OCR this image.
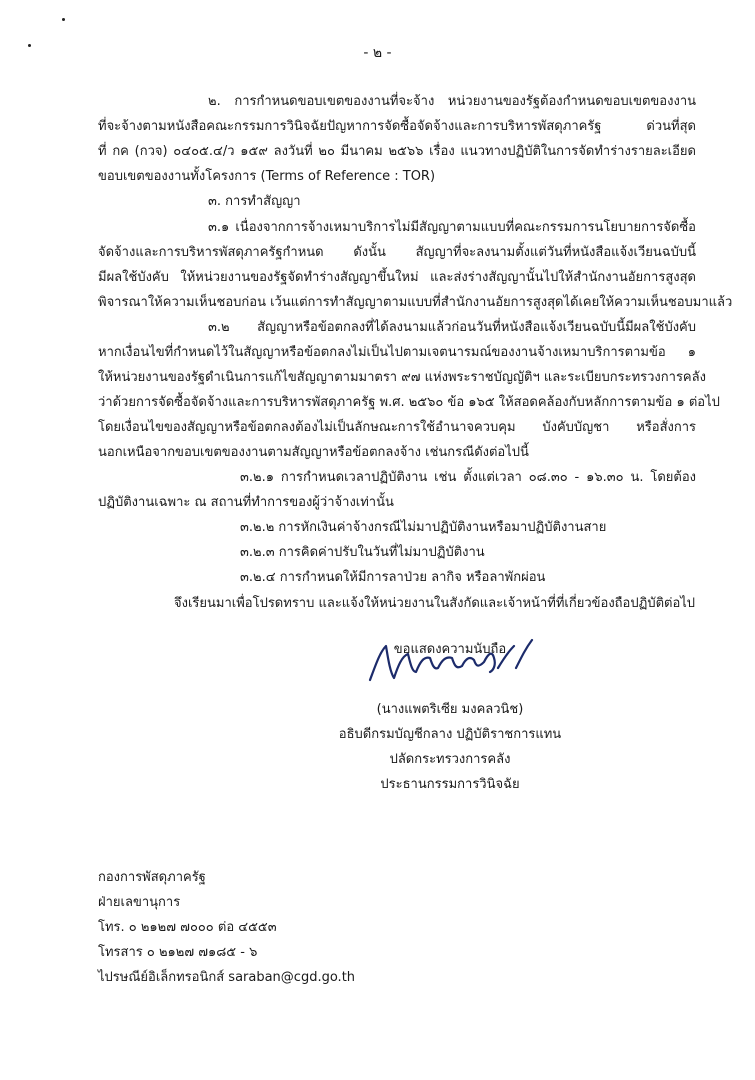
- ๒ -
๒. การกำหนดขอบเขตของงานที่จะจ้าง หน่วยงานของรัฐต้องกำหนดขอบเขตของงาน
ที่จะจ้างตามหนังสือคณะกรรมการวินิจฉัยปัญหาการจัดซื้อจัดจ้างและการบริหารพัสดุภาครัฐ ด่วนที่สุด
ที่ กค (กวจ) ๐๔๐๕.๔/ว ๑๕๙ ลงวันที่ ๒๐ มีนาคม ๒๕๖๖ เรื่อง แนวทางปฏิบัติในการจัดทำร่างรายละเอียด
ขอบเขตของงานทั้งโครงการ (Terms of Reference : TOR)
๓. การทำสัญญา
๓.๑ เนื่องจากการจ้างเหมาบริการไม่มีสัญญาตามแบบที่คณะกรรมการนโยบายการจัดซื้อ
จัดจ้างและการบริหารพัสดุภาครัฐกำหนด ดังนั้น สัญญาที่จะลงนามตั้งแต่วันที่หนังสือแจ้งเวียนฉบับนี้
มีผลใช้บังคับ ให้หน่วยงานของรัฐจัดทำร่างสัญญาขึ้นใหม่ และส่งร่างสัญญานั้นไปให้สำนักงานอัยการสูงสุด
พิจารณาให้ความเห็นชอบก่อน เว้นแต่การทำสัญญาตามแบบที่สำนักงานอัยการสูงสุดได้เคยให้ความเห็นชอบมาแล้ว
๓.๒ สัญญาหรือข้อตกลงที่ได้ลงนามแล้วก่อนวันที่หนังสือแจ้งเวียนฉบับนี้มีผลใช้บังคับ
หากเงื่อนไขที่กำหนดไว้ในสัญญาหรือข้อตกลงไม่เป็นไปตามเจตนารมณ์ของงานจ้างเหมาบริการตามข้อ ๑
ให้หน่วยงานของรัฐดำเนินการแก้ไขสัญญาตามมาตรา ๙๗ แห่งพระราชบัญญัติฯ และระเบียบกระทรวงการคลัง
ว่าด้วยการจัดซื้อจัดจ้างและการบริหารพัสดุภาครัฐ พ.ศ. ๒๕๖๐ ข้อ ๑๖๕ ให้สอดคล้องกับหลักการตามข้อ ๑ ต่อไป
โดยเงื่อนไขของสัญญาหรือข้อตกลงต้องไม่เป็นลักษณะการใช้อำนาจควบคุม บังคับบัญชา หรือสั่งการ
นอกเหนือจากขอบเขตของงานตามสัญญาหรือข้อตกลงจ้าง เช่นกรณีดังต่อไปนี้
๓.๒.๑ การกำหนดเวลาปฏิบัติงาน เช่น ตั้งแต่เวลา ๐๘.๓๐ - ๑๖.๓๐ น. โดยต้อง
ปฏิบัติงานเฉพาะ ณ สถานที่ทำการของผู้ว่าจ้างเท่านั้น
๓.๒.๒ การหักเงินค่าจ้างกรณีไม่มาปฏิบัติงานหรือมาปฏิบัติงานสาย
๓.๒.๓ การคิดค่าปรับในวันที่ไม่มาปฏิบัติงาน
๓.๒.๔ การกำหนดให้มีการลาป่วย ลากิจ หรือลาพักผ่อน
จึงเรียนมาเพื่อโปรดทราบ และแจ้งให้หน่วยงานในสังกัดและเจ้าหน้าที่ที่เกี่ยวข้องถือปฏิบัติต่อไป
ขอแสดงความนับถือ
(นางแพตริเซีย มงคลวนิช)
อธิบดีกรมบัญชีกลาง ปฏิบัติราชการแทน
ปลัดกระทรวงการคลัง
ประธานกรรมการวินิจฉัย
กองการพัสดุภาครัฐ
ฝ่ายเลขานุการ
โทร. ๐ ๒๑๒๗ ๗๐๐๐ ต่อ ๔๕๕๓
โทรสาร ๐ ๒๑๒๗ ๗๑๘๕ - ๖
ไปรษณีย์อิเล็กทรอนิกส์ saraban@cgd.go.th
